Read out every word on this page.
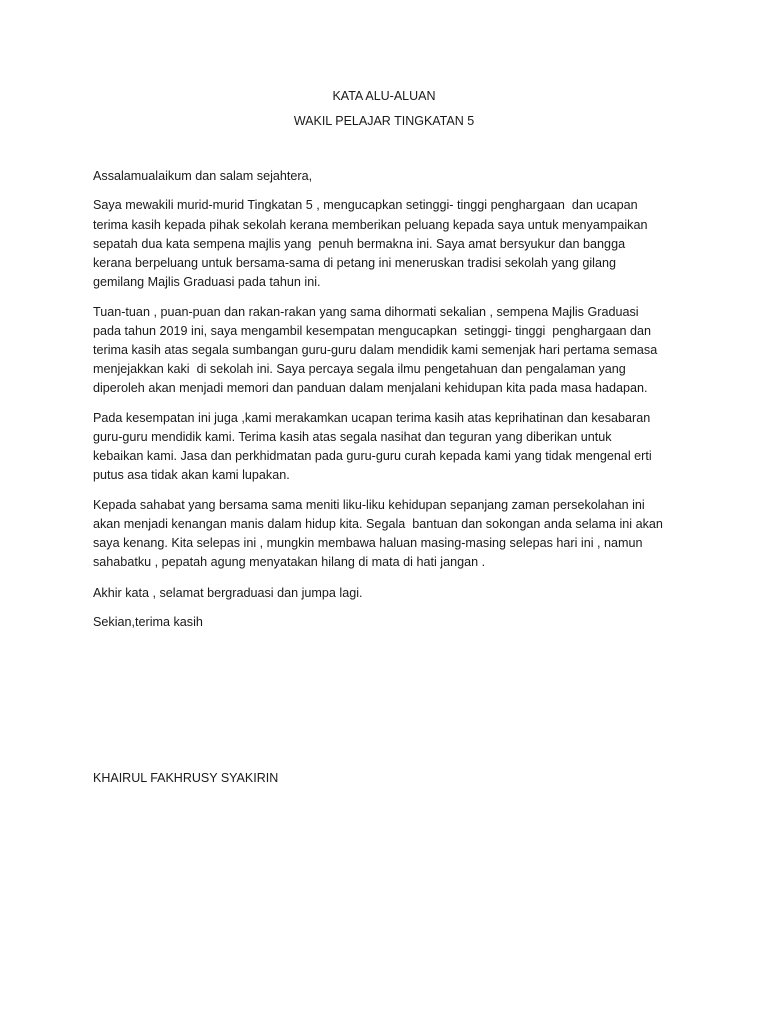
KATA ALU-ALUAN
WAKIL PELAJAR TINGKATAN 5
Assalamualaikum dan salam sejahtera,
Saya mewakili murid-murid Tingkatan 5 , mengucapkan setinggi- tinggi penghargaan  dan ucapan
terima kasih kepada pihak sekolah kerana memberikan peluang kepada saya untuk menyampaikan
sepatah dua kata sempena majlis yang  penuh bermakna ini. Saya amat bersyukur dan bangga
kerana berpeluang untuk bersama-sama di petang ini meneruskan tradisi sekolah yang gilang
gemilang Majlis Graduasi pada tahun ini.
Tuan-tuan , puan-puan dan rakan-rakan yang sama dihormati sekalian , sempena Majlis Graduasi
pada tahun 2019 ini, saya mengambil kesempatan mengucapkan  setinggi- tinggi  penghargaan dan
terima kasih atas segala sumbangan guru-guru dalam mendidik kami semenjak hari pertama semasa
menjejakkan kaki  di sekolah ini. Saya percaya segala ilmu pengetahuan dan pengalaman yang
diperoleh akan menjadi memori dan panduan dalam menjalani kehidupan kita pada masa hadapan.
Pada kesempatan ini juga ,kami merakamkan ucapan terima kasih atas keprihatinan dan kesabaran
guru-guru mendidik kami. Terima kasih atas segala nasihat dan teguran yang diberikan untuk
kebaikan kami. Jasa dan perkhidmatan pada guru-guru curah kepada kami yang tidak mengenal erti
putus asa tidak akan kami lupakan.
Kepada sahabat yang bersama sama meniti liku-liku kehidupan sepanjang zaman persekolahan ini
akan menjadi kenangan manis dalam hidup kita. Segala  bantuan dan sokongan anda selama ini akan
saya kenang. Kita selepas ini , mungkin membawa haluan masing-masing selepas hari ini , namun
sahabatku , pepatah agung menyatakan hilang di mata di hati jangan .
Akhir kata , selamat bergraduasi dan jumpa lagi.
Sekian,terima kasih
KHAIRUL FAKHRUSY SYAKIRIN
